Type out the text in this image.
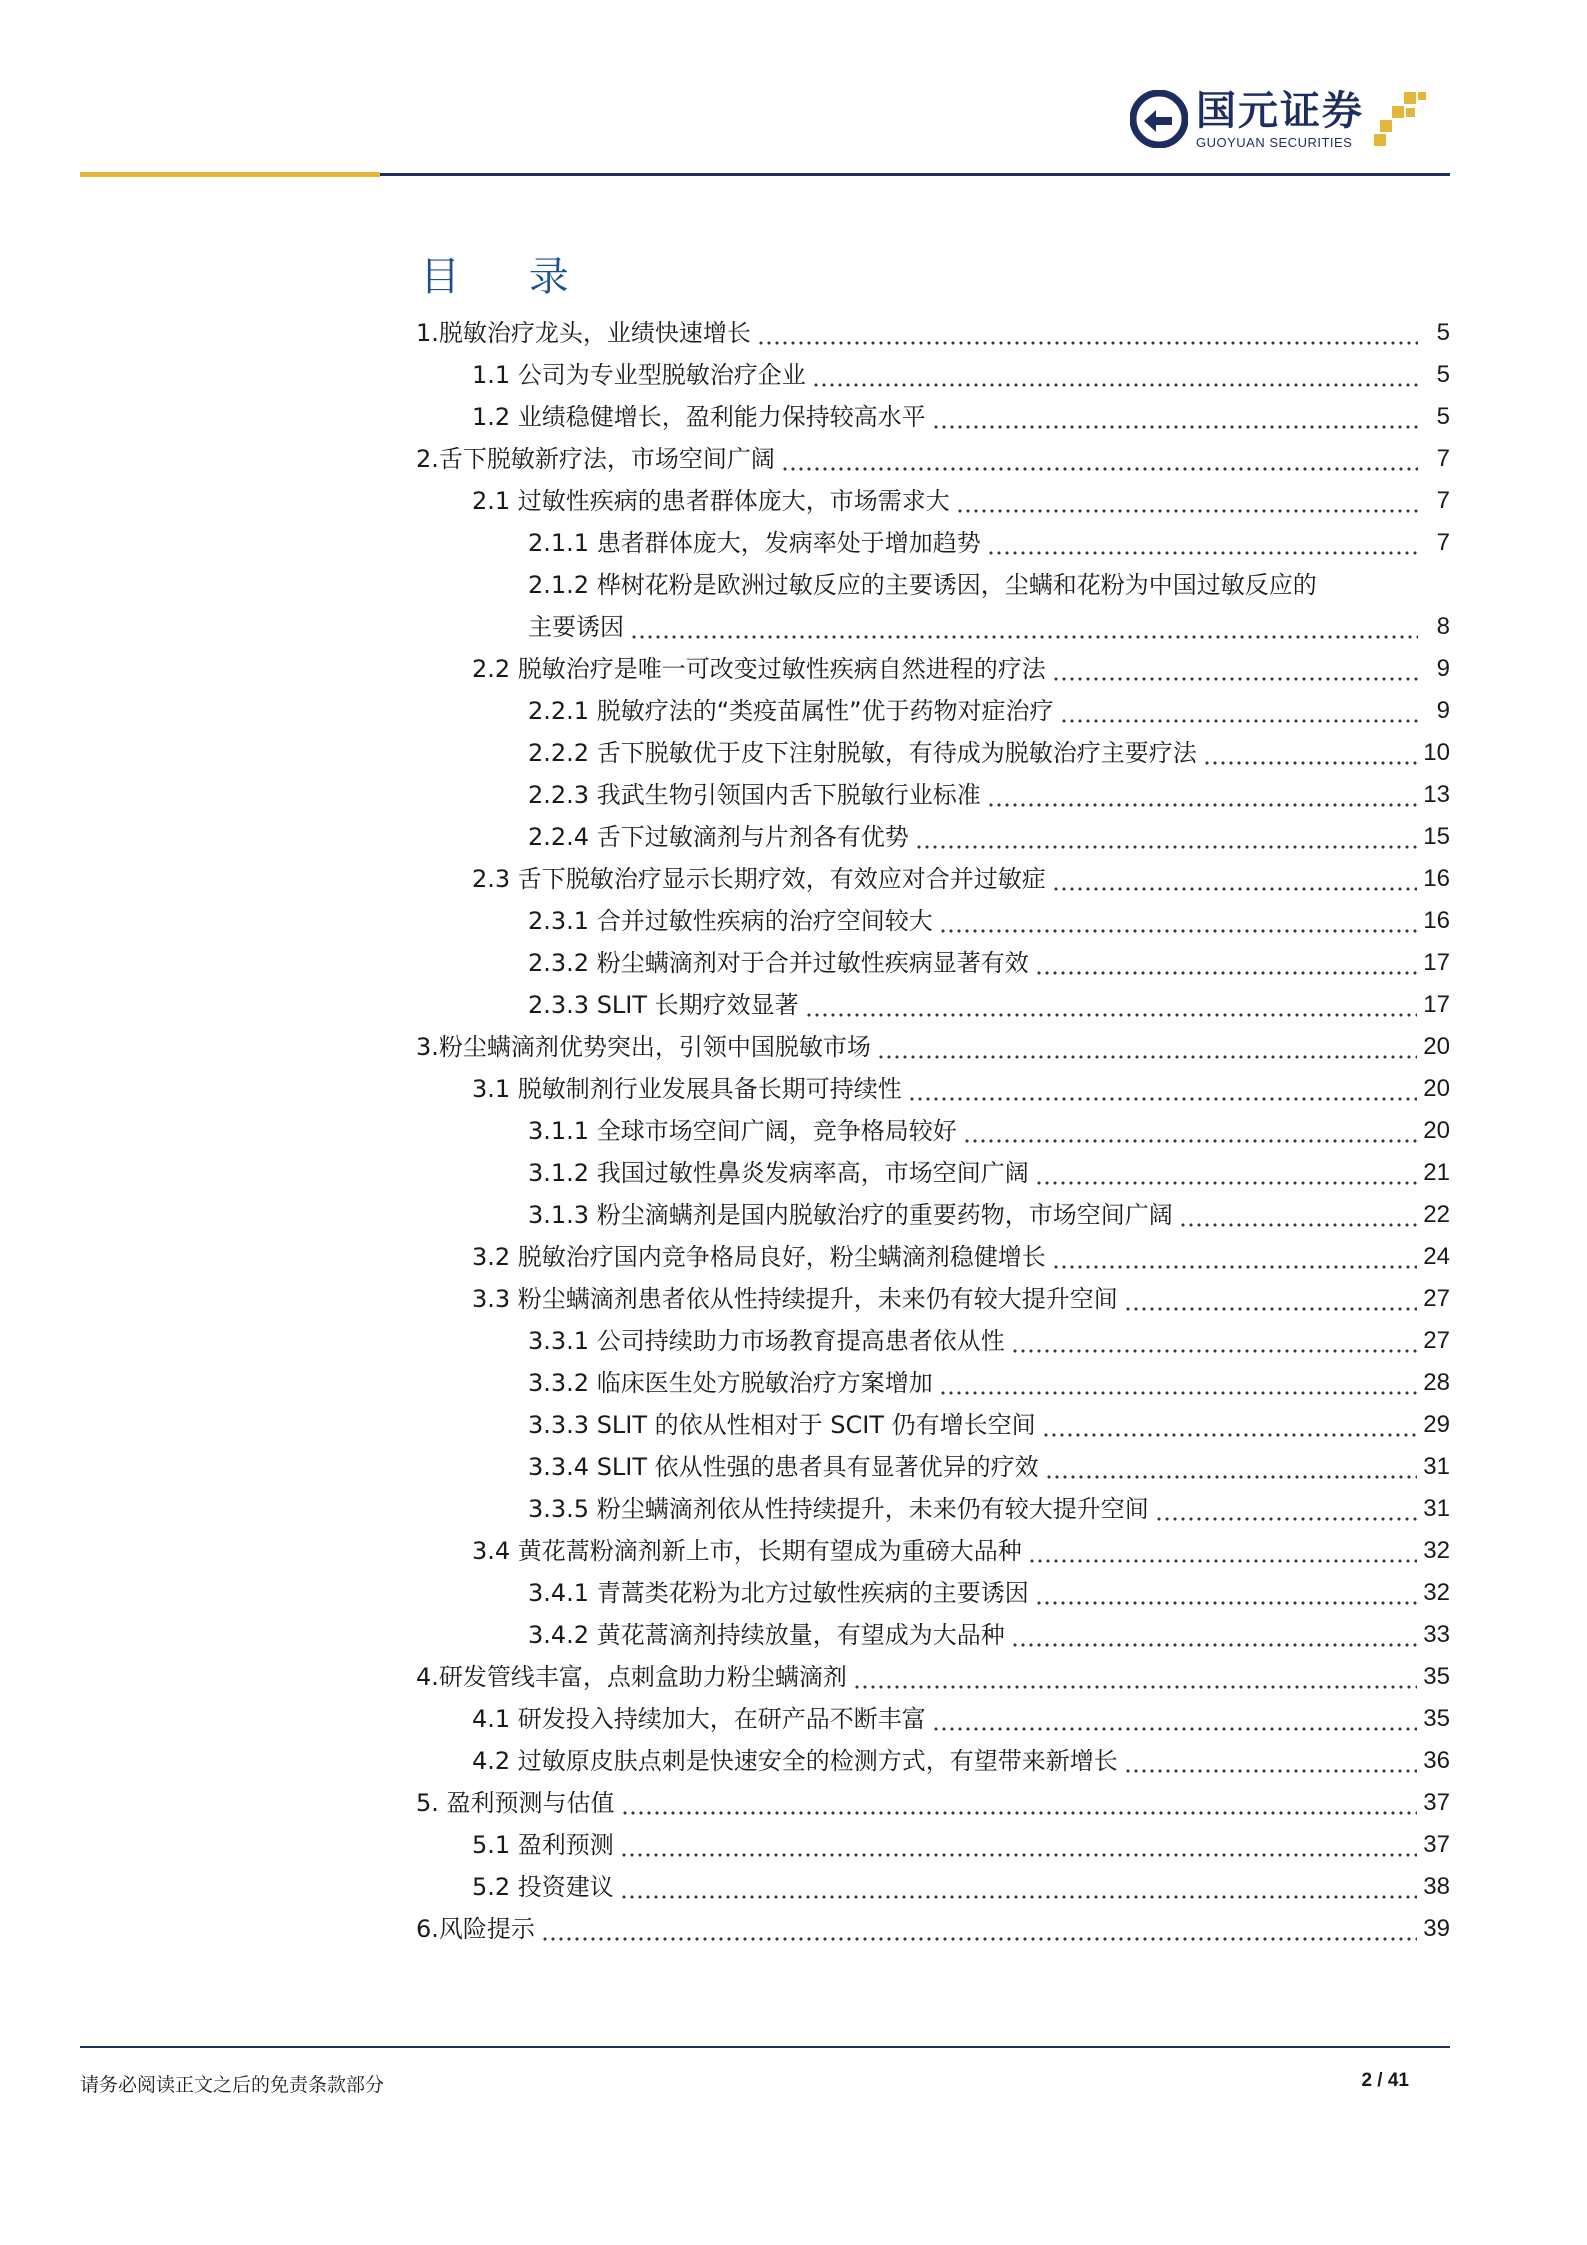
国元证券
GUOYUAN SECURITIES
目 录
1.脱敏治疗龙头，业绩快速增长	5
1.1 公司为专业型脱敏治疗企业	5
1.2 业绩稳健增长，盈利能力保持较高水平	5
2.舌下脱敏新疗法，市场空间广阔	7
2.1 过敏性疾病的患者群体庞大，市场需求大	7
2.1.1 患者群体庞大，发病率处于增加趋势	7
2.1.2 桦树花粉是欧洲过敏反应的主要诱因，尘螨和花粉为中国过敏反应的
主要诱因	8
2.2 脱敏治疗是唯一可改变过敏性疾病自然进程的疗法	9
2.2.1 脱敏疗法的“类疫苗属性”优于药物对症治疗	9
2.2.2 舌下脱敏优于皮下注射脱敏，有待成为脱敏治疗主要疗法	10
2.2.3 我武生物引领国内舌下脱敏行业标准	13
2.2.4 舌下过敏滴剂与片剂各有优势	15
2.3 舌下脱敏治疗显示长期疗效，有效应对合并过敏症	16
2.3.1 合并过敏性疾病的治疗空间较大	16
2.3.2 粉尘螨滴剂对于合并过敏性疾病显著有效	17
2.3.3 SLIT 长期疗效显著	17
3.粉尘螨滴剂优势突出，引领中国脱敏市场	20
3.1 脱敏制剂行业发展具备长期可持续性	20
3.1.1 全球市场空间广阔，竞争格局较好	20
3.1.2 我国过敏性鼻炎发病率高，市场空间广阔	21
3.1.3 粉尘滴螨剂是国内脱敏治疗的重要药物，市场空间广阔	22
3.2 脱敏治疗国内竞争格局良好，粉尘螨滴剂稳健增长	24
3.3 粉尘螨滴剂患者依从性持续提升，未来仍有较大提升空间	27
3.3.1 公司持续助力市场教育提高患者依从性	27
3.3.2 临床医生处方脱敏治疗方案增加	28
3.3.3 SLIT 的依从性相对于 SCIT 仍有增长空间	29
3.3.4 SLIT 依从性强的患者具有显著优异的疗效	31
3.3.5 粉尘螨滴剂依从性持续提升，未来仍有较大提升空间	31
3.4 黄花蒿粉滴剂新上市，长期有望成为重磅大品种	32
3.4.1 青蒿类花粉为北方过敏性疾病的主要诱因	32
3.4.2 黄花蒿滴剂持续放量，有望成为大品种	33
4.研发管线丰富，点刺盒助力粉尘螨滴剂	35
4.1 研发投入持续加大，在研产品不断丰富	35
4.2 过敏原皮肤点刺是快速安全的检测方式，有望带来新增长	36
5. 盈利预测与估值	37
5.1 盈利预测	37
5.2 投资建议	38
6.风险提示	39
请务必阅读正文之后的免责条款部分	2 / 41
